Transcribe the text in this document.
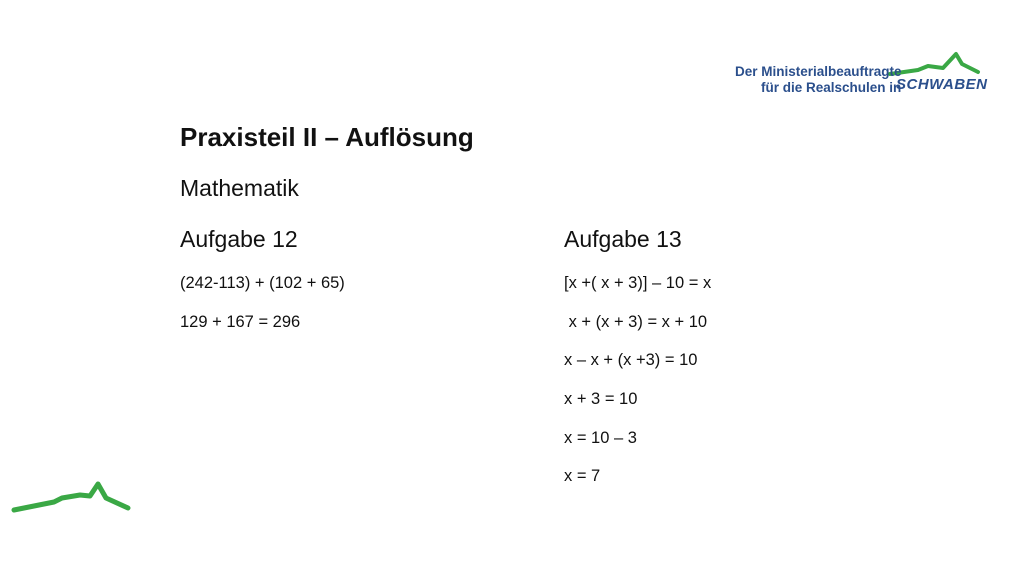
Der Ministerialbeauftragte
für die Realschulen in
SCHWABEN
Praxisteil II – Auflösung
Mathematik
Aufgabe 12
(242-113) + (102 + 65)
129 + 167 = 296
Aufgabe 13
[x +( x + 3)] – 10 = x
x + (x + 3) = x + 10
x – x + (x +3) = 10
x + 3 = 10
x = 10 – 3
x = 7
